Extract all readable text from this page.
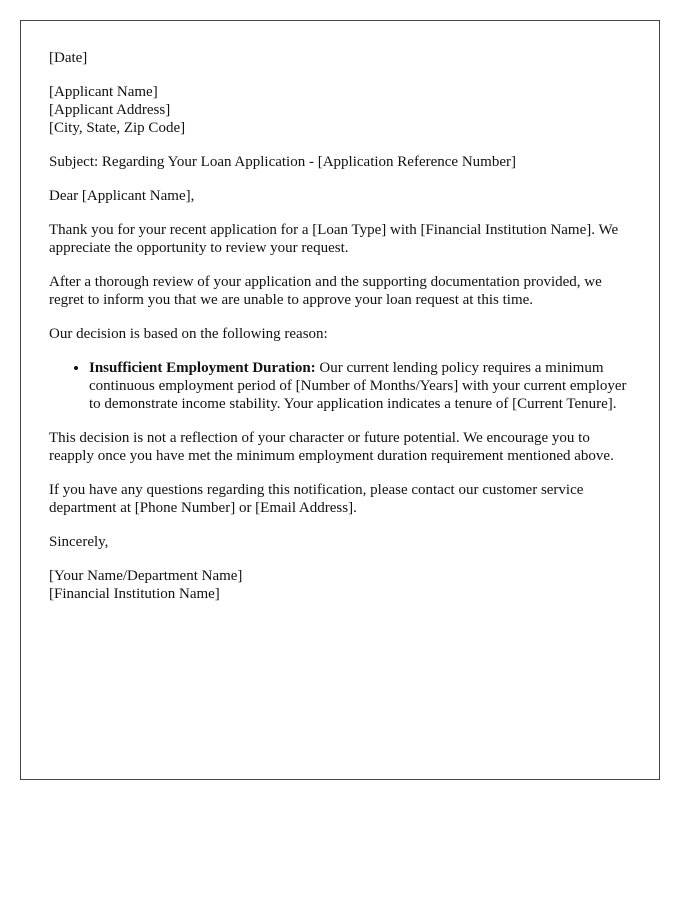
[Date]
[Applicant Name]
[Applicant Address]
[City, State, Zip Code]
Subject: Regarding Your Loan Application - [Application Reference Number]
Dear [Applicant Name],
Thank you for your recent application for a [Loan Type] with [Financial Institution Name]. We appreciate the opportunity to review your request.
After a thorough review of your application and the supporting documentation provided, we regret to inform you that we are unable to approve your loan request at this time.
Our decision is based on the following reason:
• Insufficient Employment Duration: Our current lending policy requires a minimum continuous employment period of [Number of Months/Years] with your current employer to demonstrate income stability. Your application indicates a tenure of [Current Tenure].
This decision is not a reflection of your character or future potential. We encourage you to reapply once you have met the minimum employment duration requirement mentioned above.
If you have any questions regarding this notification, please contact our customer service department at [Phone Number] or [Email Address].
Sincerely,
[Your Name/Department Name]
[Financial Institution Name]
